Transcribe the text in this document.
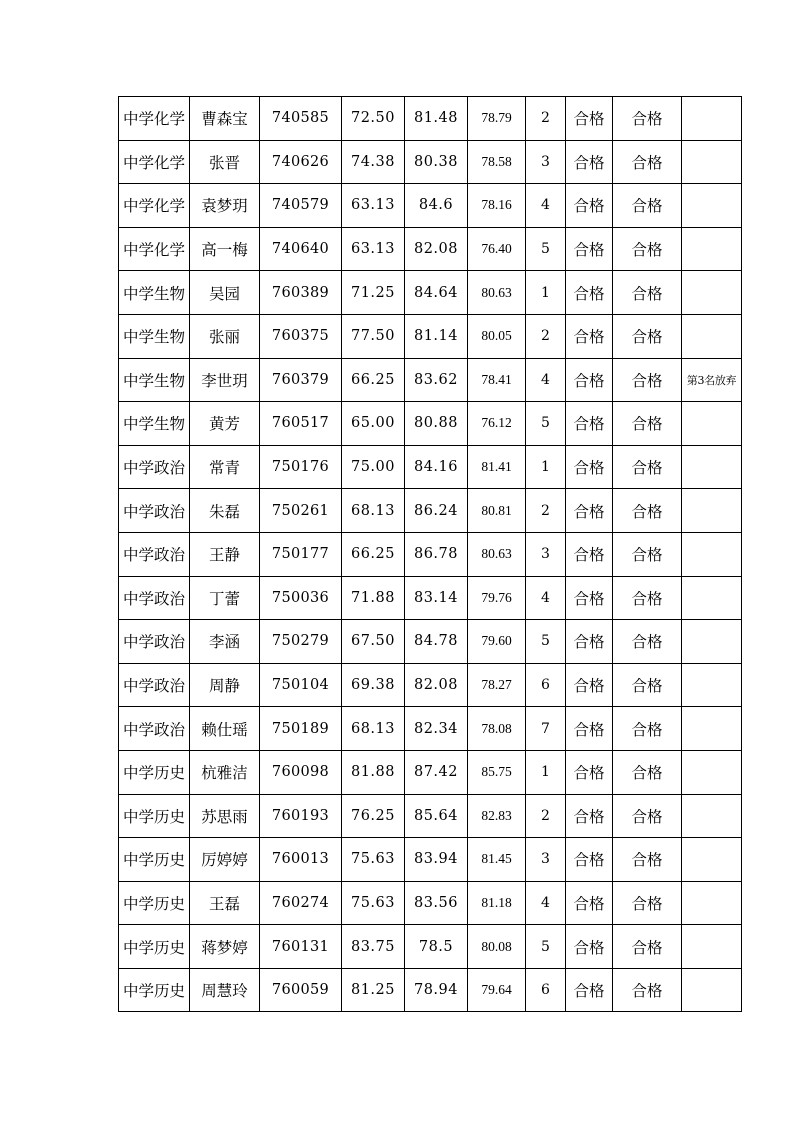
中学化学	曹森宝	740585	72.50	81.48	78.79	2	合格	合格	
中学化学	张晋	740626	74.38	80.38	78.58	3	合格	合格	
中学化学	袁梦玥	740579	63.13	84.6	78.16	4	合格	合格	
中学化学	高一梅	740640	63.13	82.08	76.40	5	合格	合格	
中学生物	吴园	760389	71.25	84.64	80.63	1	合格	合格	
中学生物	张丽	760375	77.50	81.14	80.05	2	合格	合格	
中学生物	李世玥	760379	66.25	83.62	78.41	4	合格	合格	第3名放弃
中学生物	黄芳	760517	65.00	80.88	76.12	5	合格	合格	
中学政治	常青	750176	75.00	84.16	81.41	1	合格	合格	
中学政治	朱磊	750261	68.13	86.24	80.81	2	合格	合格	
中学政治	王静	750177	66.25	86.78	80.63	3	合格	合格	
中学政治	丁蕾	750036	71.88	83.14	79.76	4	合格	合格	
中学政治	李涵	750279	67.50	84.78	79.60	5	合格	合格	
中学政治	周静	750104	69.38	82.08	78.27	6	合格	合格	
中学政治	赖仕瑶	750189	68.13	82.34	78.08	7	合格	合格	
中学历史	杭雅洁	760098	81.88	87.42	85.75	1	合格	合格	
中学历史	苏思雨	760193	76.25	85.64	82.83	2	合格	合格	
中学历史	厉婷婷	760013	75.63	83.94	81.45	3	合格	合格	
中学历史	王磊	760274	75.63	83.56	81.18	4	合格	合格	
中学历史	蒋梦婷	760131	83.75	78.5	80.08	5	合格	合格	
中学历史	周慧玲	760059	81.25	78.94	79.64	6	合格	合格	
